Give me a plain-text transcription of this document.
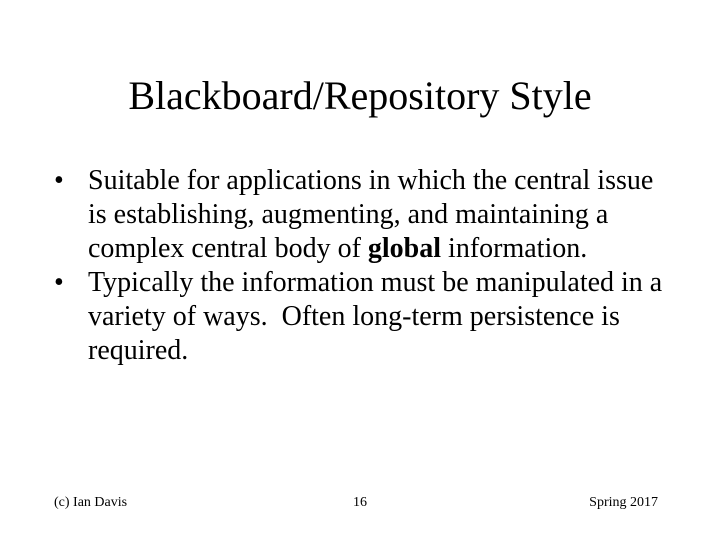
Blackboard/Repository Style
• Suitable for applications in which the central issue is establishing, augmenting, and maintaining a complex central body of global information.
• Typically the information must be manipulated in a variety of ways.  Often long-term persistence is required.
(c) Ian Davis	16	Spring 2017
